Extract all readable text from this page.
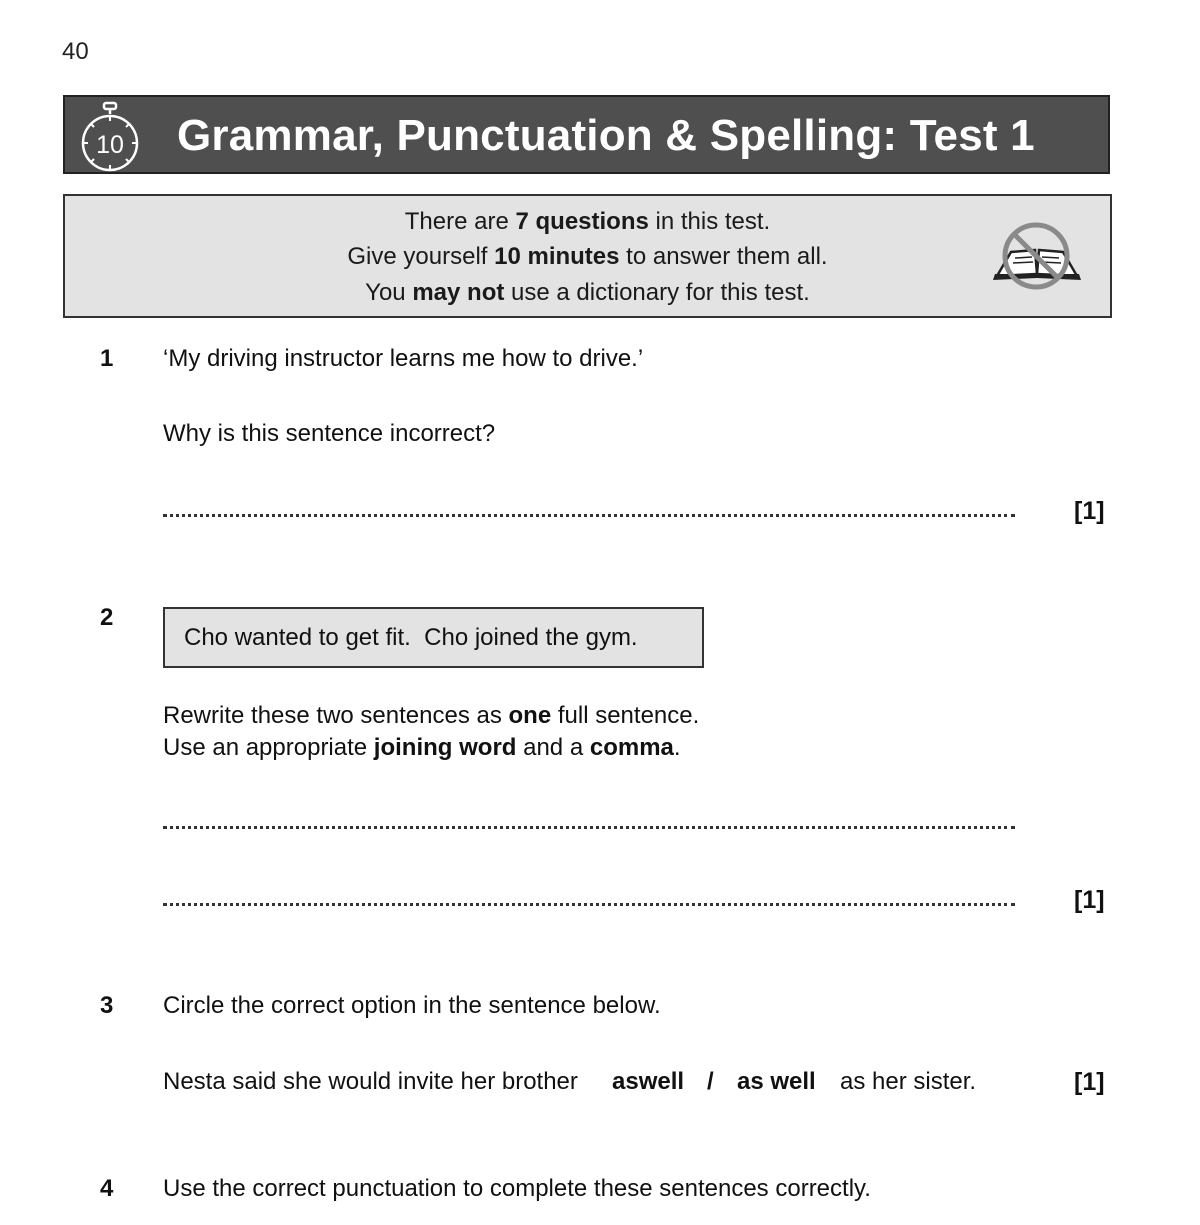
40
10 Grammar, Punctuation & Spelling: Test 1
There are 7 questions in this test.
Give yourself 10 minutes to answer them all.
You may not use a dictionary for this test.
1 ‘My driving instructor learns me how to drive.’
Why is this sentence incorrect?
[1]
2
Cho wanted to get fit.  Cho joined the gym.
Rewrite these two sentences as one full sentence.
Use an appropriate joining word and a comma.
[1]
3 Circle the correct option in the sentence below.
Nesta said she would invite her brother aswell / as well as her sister.	[1]
4 Use the correct punctuation to complete these sentences correctly.
